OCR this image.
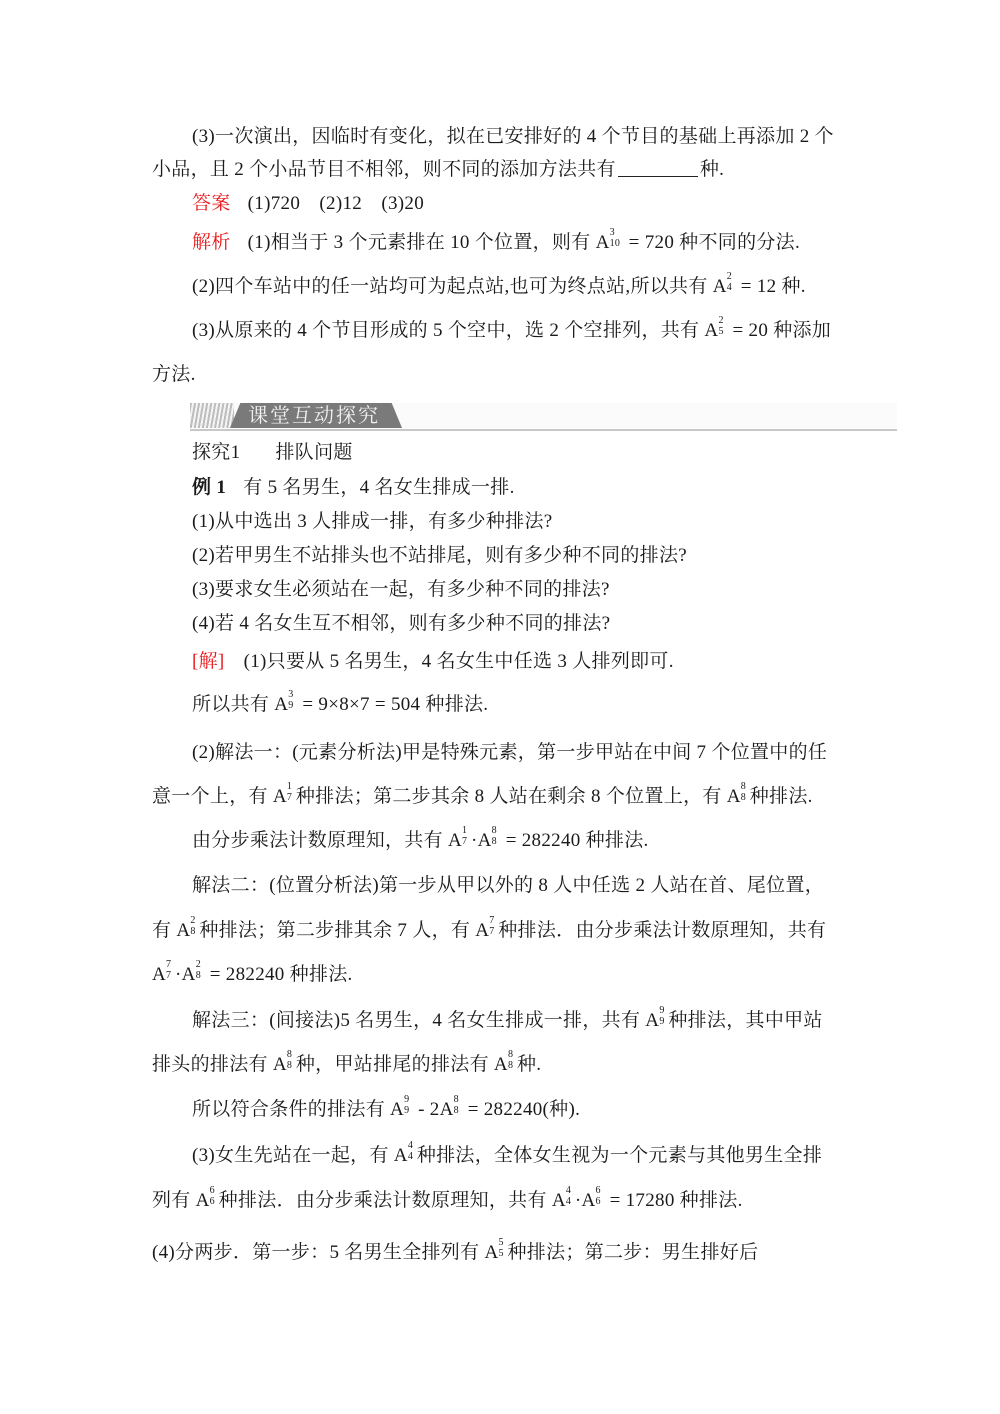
(3)一次演出，因临时有变化，拟在已安排好的 4 个节目的基础上再添加 2 个
小品，且 2 个小品节目不相邻，则不同的添加方法共有	种.
答案 (1)720　(2)12　(3)20
解析 (1)相当于 3 个元素排在 10 个位置，则有 A 3
10 = 720 种不同的分法.
(2)四个车站中的任一站均可为起点站,也可为终点站,所以共有 A 2
4 = 12 种.
(3)从原来的 4 个节目形成的 5 个空中，选 2 个空排列，共有 A 2
5 = 20 种添加
方法.
课堂互动探究
探究1 排队问题
例 1 有 5 名男生，4 名女生排成一排.
(1)从中选出 3 人排成一排，有多少种排法?
(2)若甲男生不站排头也不站排尾，则有多少种不同的排法?
(3)要求女生必须站在一起，有多少种不同的排法?
(4)若 4 名女生互不相邻，则有多少种不同的排法?
[解] (1)只要从 5 名男生，4 名女生中任选 3 人排列即可.
所以共有 A 3
9 = 9×8×7 = 504 种排法.
(2)解法一：(元素分析法)甲是特殊元素，第一步甲站在中间 7 个位置中的任
意一个上，有 A 1
7 种排法；第二步其余 8 人站在剩余 8 个位置上，有 A 8
8 种排法.
由分步乘法计数原理知，共有 A 1
7 ·A 8
8 = 282240 种排法.
解法二：(位置分析法)第一步从甲以外的 8 人中任选 2 人站在首、尾位置，
有 A 2
8 种排法；第二步排其余 7 人，有 A 7
7 种排法．由分步乘法计数原理知，共有
A 7
7 ·A 2
8 = 282240 种排法.
解法三：(间接法)5 名男生，4 名女生排成一排，共有 A 9
9 种排法，其中甲站
排头的排法有 A 8
8 种，甲站排尾的排法有 A 8
8 种.
所以符合条件的排法有 A 9
9 - 2A 8
8 = 282240(种).
(3)女生先站在一起，有 A 4
4 种排法，全体女生视为一个元素与其他男生全排
列有 A 6
6 种排法．由分步乘法计数原理知，共有 A 4
4 ·A 6
6 = 17280 种排法.
(4)分两步．第一步：5 名男生全排列有 A 5
5 种排法；第二步：男生排好后
